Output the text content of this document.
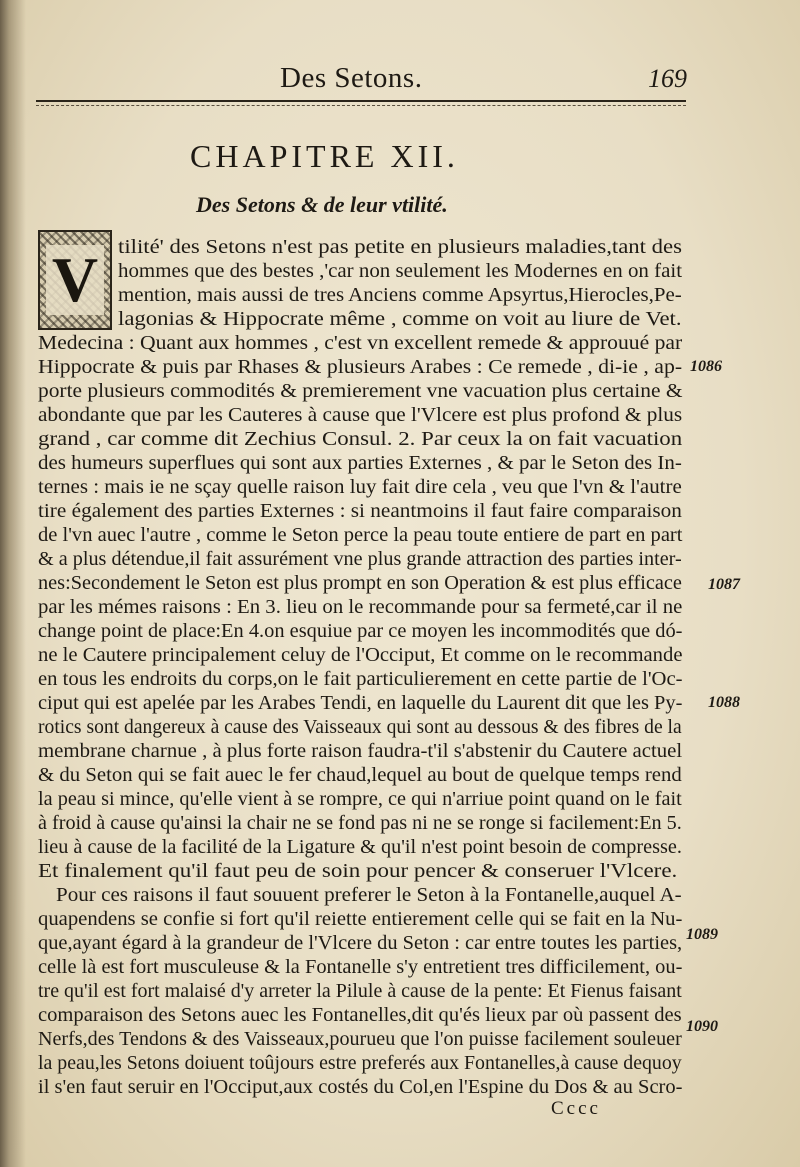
Des Setons.	169
CHAPITRE XII.
Des Setons & de leur vtilité.
V tilité' des Setons n'est pas petite en plusieurs maladies,tant des
hommes que des bestes ,'car non seulement les Modernes en on fait
mention, mais aussi de tres Anciens comme Apsyrtus,Hierocles,Pe-
lagonias & Hippocrate même , comme on voit au liure de Vet.
Medecina : Quant aux hommes , c'est vn excellent remede & approuué par
Hippocrate & puis par Rhases & plusieurs Arabes : Ce remede , di-ie , ap-
porte plusieurs commodités & premierement vne vacuation plus certaine &
abondante que par les Cauteres à cause que l'Vlcere est plus profond & plus
grand , car comme dit Zechius Consul. 2. Par ceux la on fait vacuation
des humeurs superflues qui sont aux parties Externes , & par le Seton des In-
ternes : mais ie ne sçay quelle raison luy fait dire cela , veu que l'vn & l'autre
tire également des parties Externes : si neantmoins il faut faire comparaison
de l'vn auec l'autre , comme le Seton perce la peau toute entiere de part en part
& a plus détendue,il fait assurément vne plus grande attraction des parties inter-
nes:Secondement le Seton est plus prompt en son Operation & est plus efficace
par les mémes raisons : En 3. lieu on le recommande pour sa fermeté,car il ne
change point de place:En 4.on esquiue par ce moyen les incommodités que dó-
ne le Cautere principalement celuy de l'Occiput, Et comme on le recommande
en tous les endroits du corps,on le fait particulierement en cette partie de l'Oc-
ciput qui est apelée par les Arabes Tendi, en laquelle du Laurent dit que les Py-
rotics sont dangereux à cause des Vaisseaux qui sont au dessous & des fibres de la
membrane charnue , à plus forte raison faudra-t'il s'abstenir du Cautere actuel
& du Seton qui se fait auec le fer chaud,lequel au bout de quelque temps rend
la peau si mince, qu'elle vient à se rompre, ce qui n'arriue point quand on le fait
à froid à cause qu'ainsi la chair ne se fond pas ni ne se ronge si facilement:En 5.
lieu à cause de la facilité de la Ligature & qu'il n'est point besoin de compresse.
Et finalement qu'il faut peu de soin pour pencer & conseruer l'Vlcere.
Pour ces raisons il faut souuent preferer le Seton à la Fontanelle,auquel A-
quapendens se confie si fort qu'il reiette entierement celle qui se fait en la Nu-
que,ayant égard à la grandeur de l'Vlcere du Seton : car entre toutes les parties,
celle là est fort musculeuse & la Fontanelle s'y entretient tres difficilement, ou-
tre qu'il est fort malaisé d'y arreter la Pilule à cause de la pente: Et Fienus faisant
comparaison des Setons auec les Fontanelles,dit qu'és lieux par où passent des
Nerfs,des Tendons & des Vaisseaux,pourueu que l'on puisse facilement souleuer
la peau,les Setons doiuent toûjours estre preferés aux Fontanelles,à cause dequoy
il s'en faut seruir en l'Occiput,aux costés du Col,en l'Espine du Dos & au Scro-
1086
1087
1088
1089
1090
Cccc
